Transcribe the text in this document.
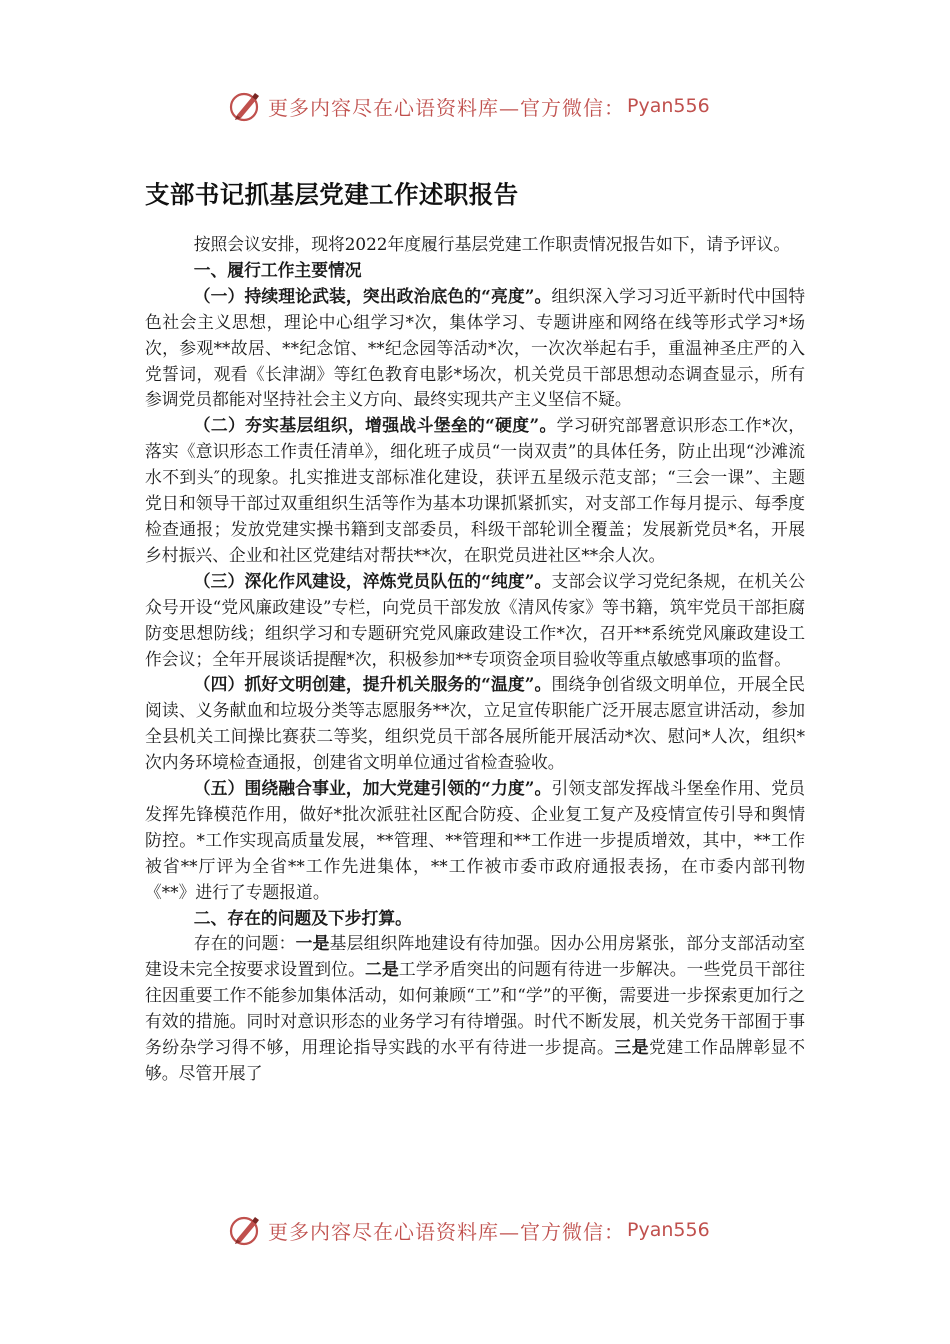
更多内容尽在心语资料库—官方微信： Pyan556
支部书记抓基层党建工作述职报告

按照会议安排，现将2022年度履行基层党建工作职责情况报告如下，请予评议。

一、履行工作主要情况

（一）持续理论武装，突出政治底色的“亮度”。组织深入学习习近平新时代中国特色社会主义思想，理论中心组学习*次，集体学习、专题讲座和网络在线等形式学习*场次，参观**故居、**纪念馆、**纪念园等活动*次，一次次举起右手，重温神圣庄严的入党誓词，观看《长津湖》等红色教育电影*场次，机关党员干部思想动态调查显示，所有参调党员都能对坚持社会主义方向、最终实现共产主义坚信不疑。

（二）夯实基层组织，增强战斗堡垒的“硬度”。学习研究部署意识形态工作*次，落实《意识形态工作责任清单》，细化班子成员“一岗双责”的具体任务，防止出现“沙滩流水不到头″的现象。扎实推进支部标准化建设，获评五星级示范支部；“三会一课”、主题党日和领导干部过双重组织生活等作为基本功课抓紧抓实，对支部工作每月提示、每季度检查通报；发放党建实操书籍到支部委员，科级干部轮训全覆盖；发展新党员*名，开展乡村振兴、企业和社区党建结对帮扶**次，在职党员进社区**余人次。

（三）深化作风建设，淬炼党员队伍的“纯度”。支部会议学习党纪条规，在机关公众号开设“党风廉政建设”专栏，向党员干部发放《清风传家》等书籍，筑牢党员干部拒腐防变思想防线；组织学习和专题研究党风廉政建设工作*次，召开**系统党风廉政建设工作会议；全年开展谈话提醒*次，积极参加**专项资金项目验收等重点敏感事项的监督。

（四）抓好文明创建，提升机关服务的“温度”。围绕争创省级文明单位，开展全民阅读、义务献血和垃圾分类等志愿服务**次，立足宣传职能广泛开展志愿宣讲活动，参加全县机关工间操比赛获二等奖，组织党员干部各展所能开展活动*次、慰问*人次，组织*次内务环境检查通报，创建省文明单位通过省检查验收。

（五）围绕融合事业，加大党建引领的“力度”。引领支部发挥战斗堡垒作用、党员发挥先锋模范作用，做好*批次派驻社区配合防疫、企业复工复产及疫情宣传引导和舆情防控。*工作实现高质量发展，**管理、**管理和**工作进一步提质增效，其中，**工作被省**厅评为全省**工作先进集体，**工作被市委市政府通报表扬，在市委内部刊物《**》进行了专题报道。

二、存在的问题及下步打算。

存在的问题：一是基层组织阵地建设有待加强。因办公用房紧张，部分支部活动室建设未完全按要求设置到位。二是工学矛盾突出的问题有待进一步解决。一些党员干部往往因重要工作不能参加集体活动，如何兼顾“工”和“学”的平衡，需要进一步探索更加行之有效的措施。同时对意识形态的业务学习有待增强。时代不断发展，机关党务干部囿于事务纷杂学习得不够，用理论指导实践的水平有待进一步提高。三是党建工作品牌彰显不够。尽管开展了

更多内容尽在心语资料库—官方微信： Pyan556
